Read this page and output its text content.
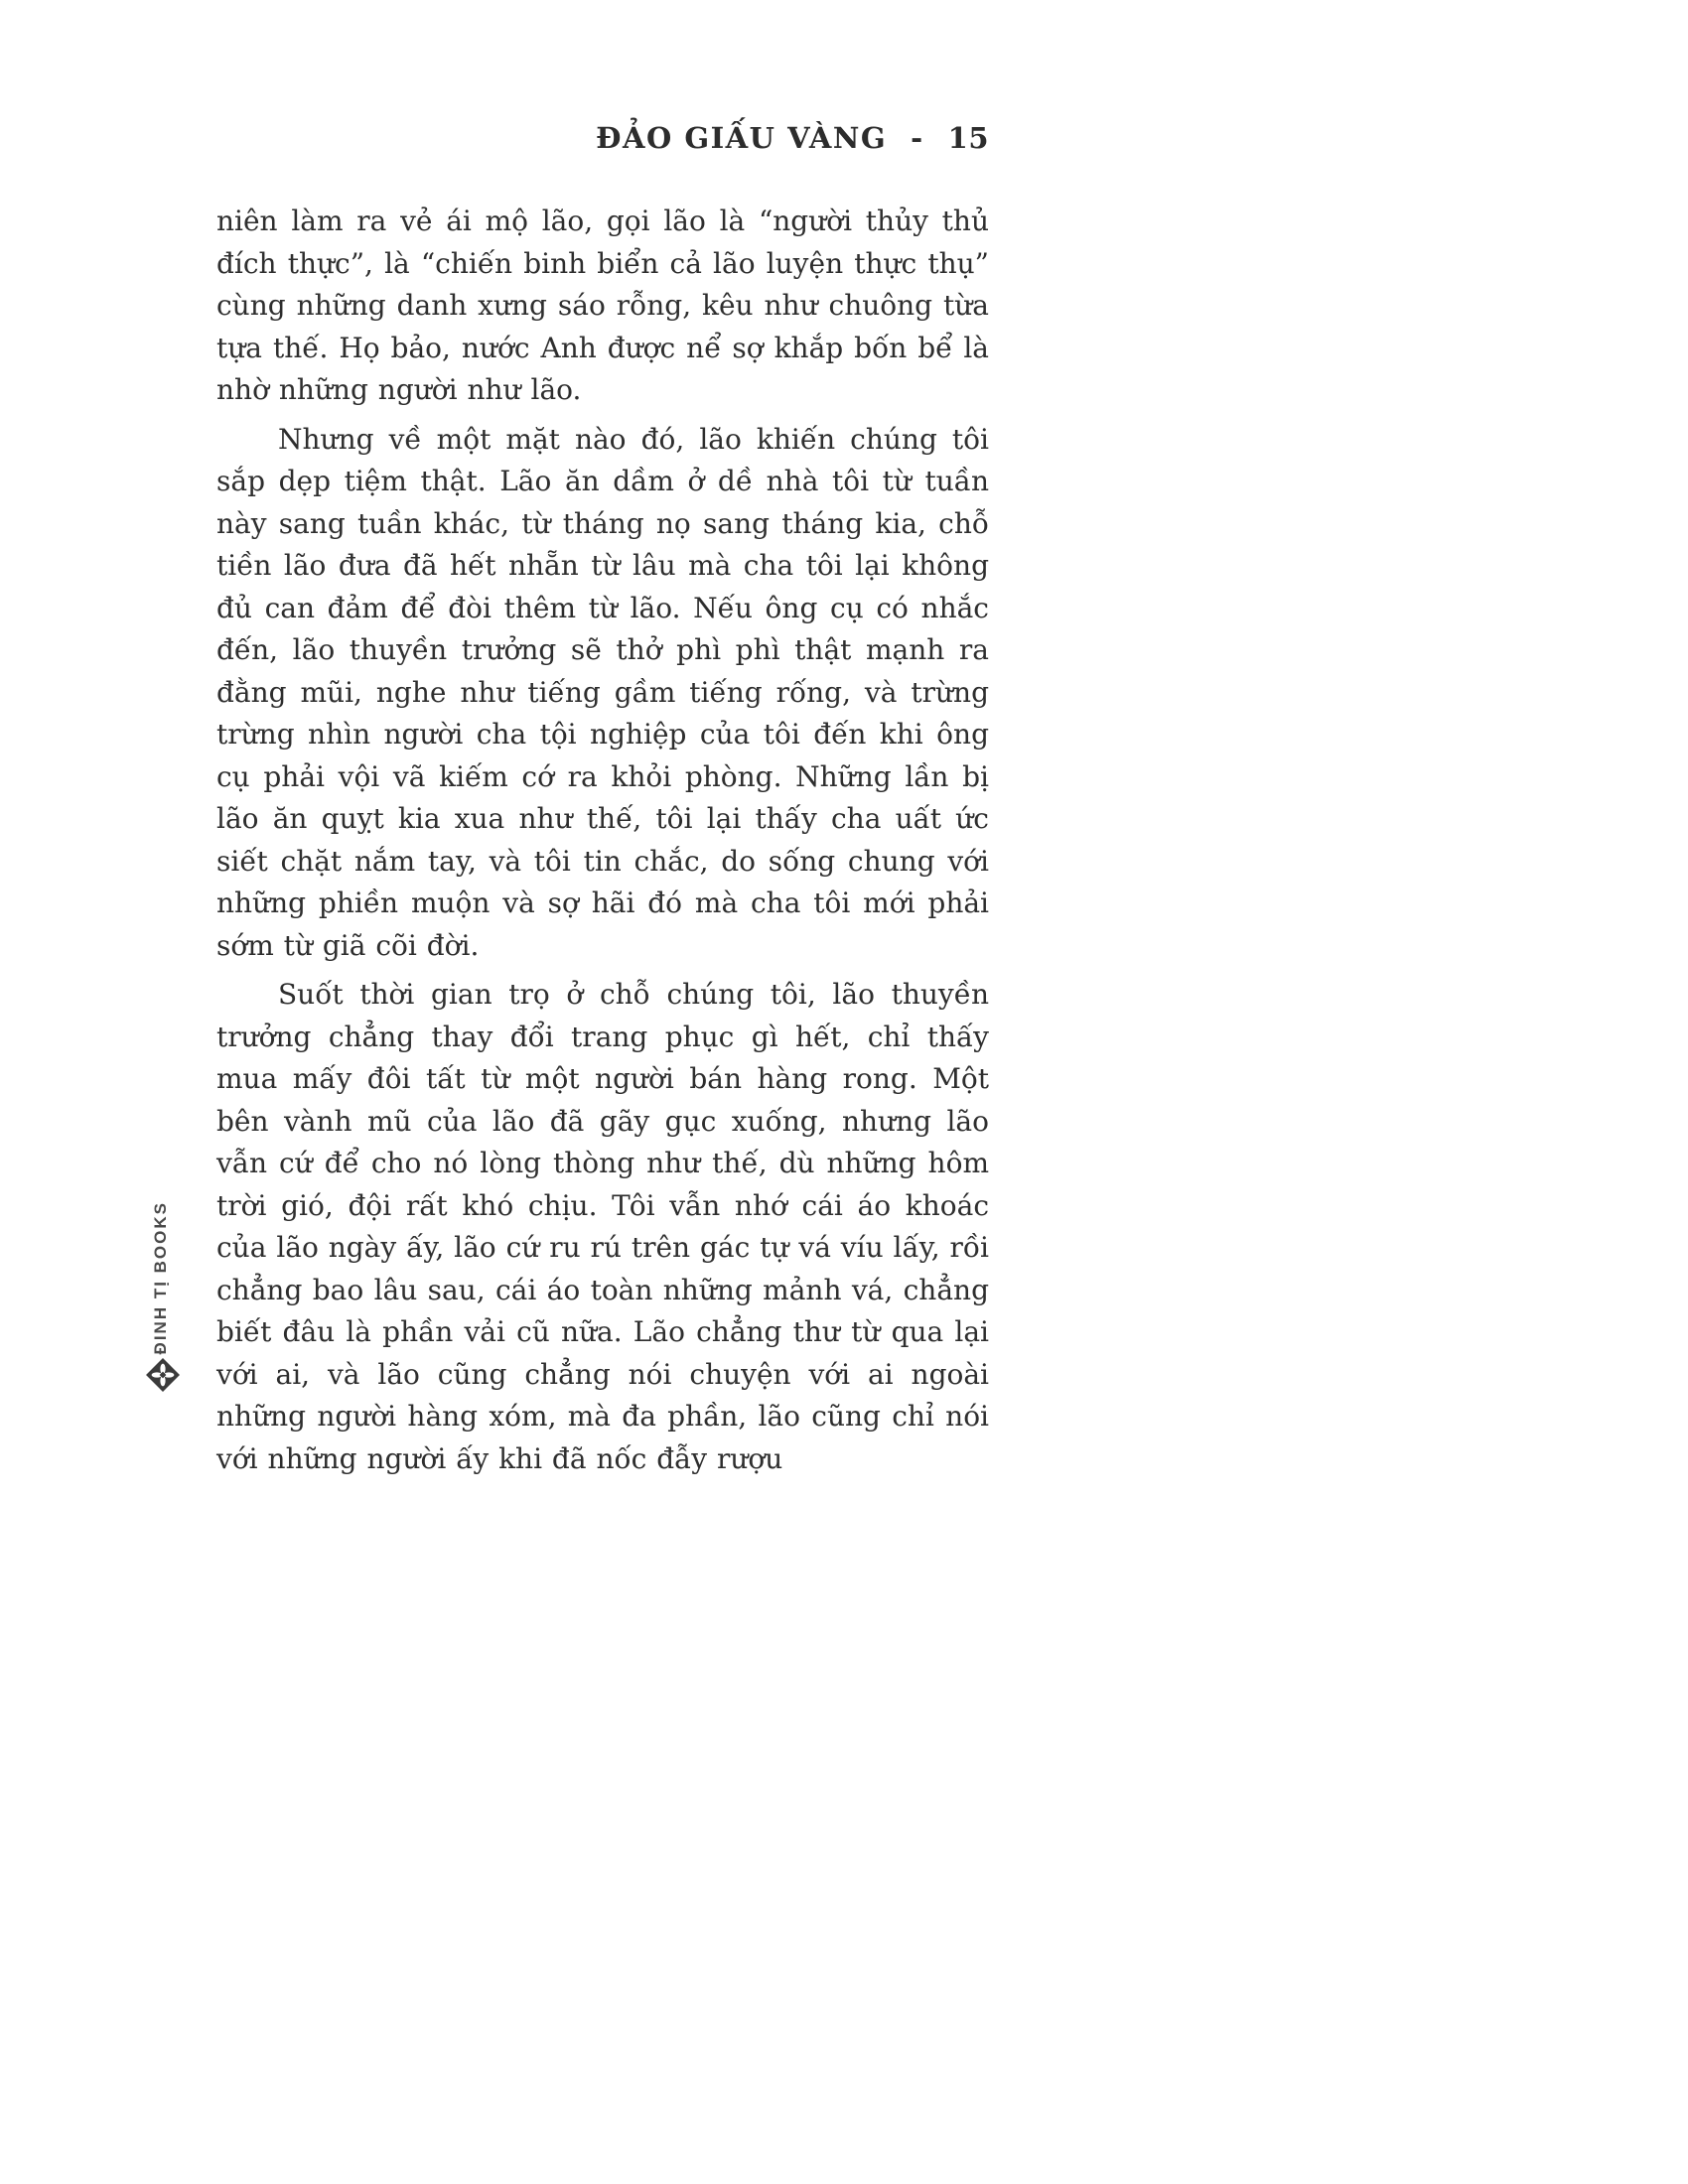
ĐẢO GIẤU VÀNG - 15

niên làm ra vẻ ái mộ lão, gọi lão là “người thủy thủ đích thực”, là “chiến binh biển cả lão luyện thực thụ” cùng những danh xưng sáo rỗng, kêu như chuông từa tựa thế. Họ bảo, nước Anh được nể sợ khắp bốn bể là nhờ những người như lão.

Nhưng về một mặt nào đó, lão khiến chúng tôi sắp dẹp tiệm thật. Lão ăn dầm ở dề nhà tôi từ tuần này sang tuần khác, từ tháng nọ sang tháng kia, chỗ tiền lão đưa đã hết nhẵn từ lâu mà cha tôi lại không đủ can đảm để đòi thêm từ lão. Nếu ông cụ có nhắc đến, lão thuyền trưởng sẽ thở phì phì thật mạnh ra đằng mũi, nghe như tiếng gầm tiếng rống, và trừng trừng nhìn người cha tội nghiệp của tôi đến khi ông cụ phải vội vã kiếm cớ ra khỏi phòng. Những lần bị lão ăn quỵt kia xua như thế, tôi lại thấy cha uất ức siết chặt nắm tay, và tôi tin chắc, do sống chung với những phiền muộn và sợ hãi đó mà cha tôi mới phải sớm từ giã cõi đời.

Suốt thời gian trọ ở chỗ chúng tôi, lão thuyền trưởng chẳng thay đổi trang phục gì hết, chỉ thấy mua mấy đôi tất từ một người bán hàng rong. Một bên vành mũ của lão đã gãy gục xuống, nhưng lão vẫn cứ để cho nó lòng thòng như thế, dù những hôm trời gió, đội rất khó chịu. Tôi vẫn nhớ cái áo khoác của lão ngày ấy, lão cứ ru rú trên gác tự vá víu lấy, rồi chẳng bao lâu sau, cái áo toàn những mảnh vá, chẳng biết đâu là phần vải cũ nữa. Lão chẳng thư từ qua lại với ai, và lão cũng chẳng nói chuyện với ai ngoài những người hàng xóm, mà đa phần, lão cũng chỉ nói với những người ấy khi đã nốc đẫy rượu

ĐINH TỊ BOOKS
